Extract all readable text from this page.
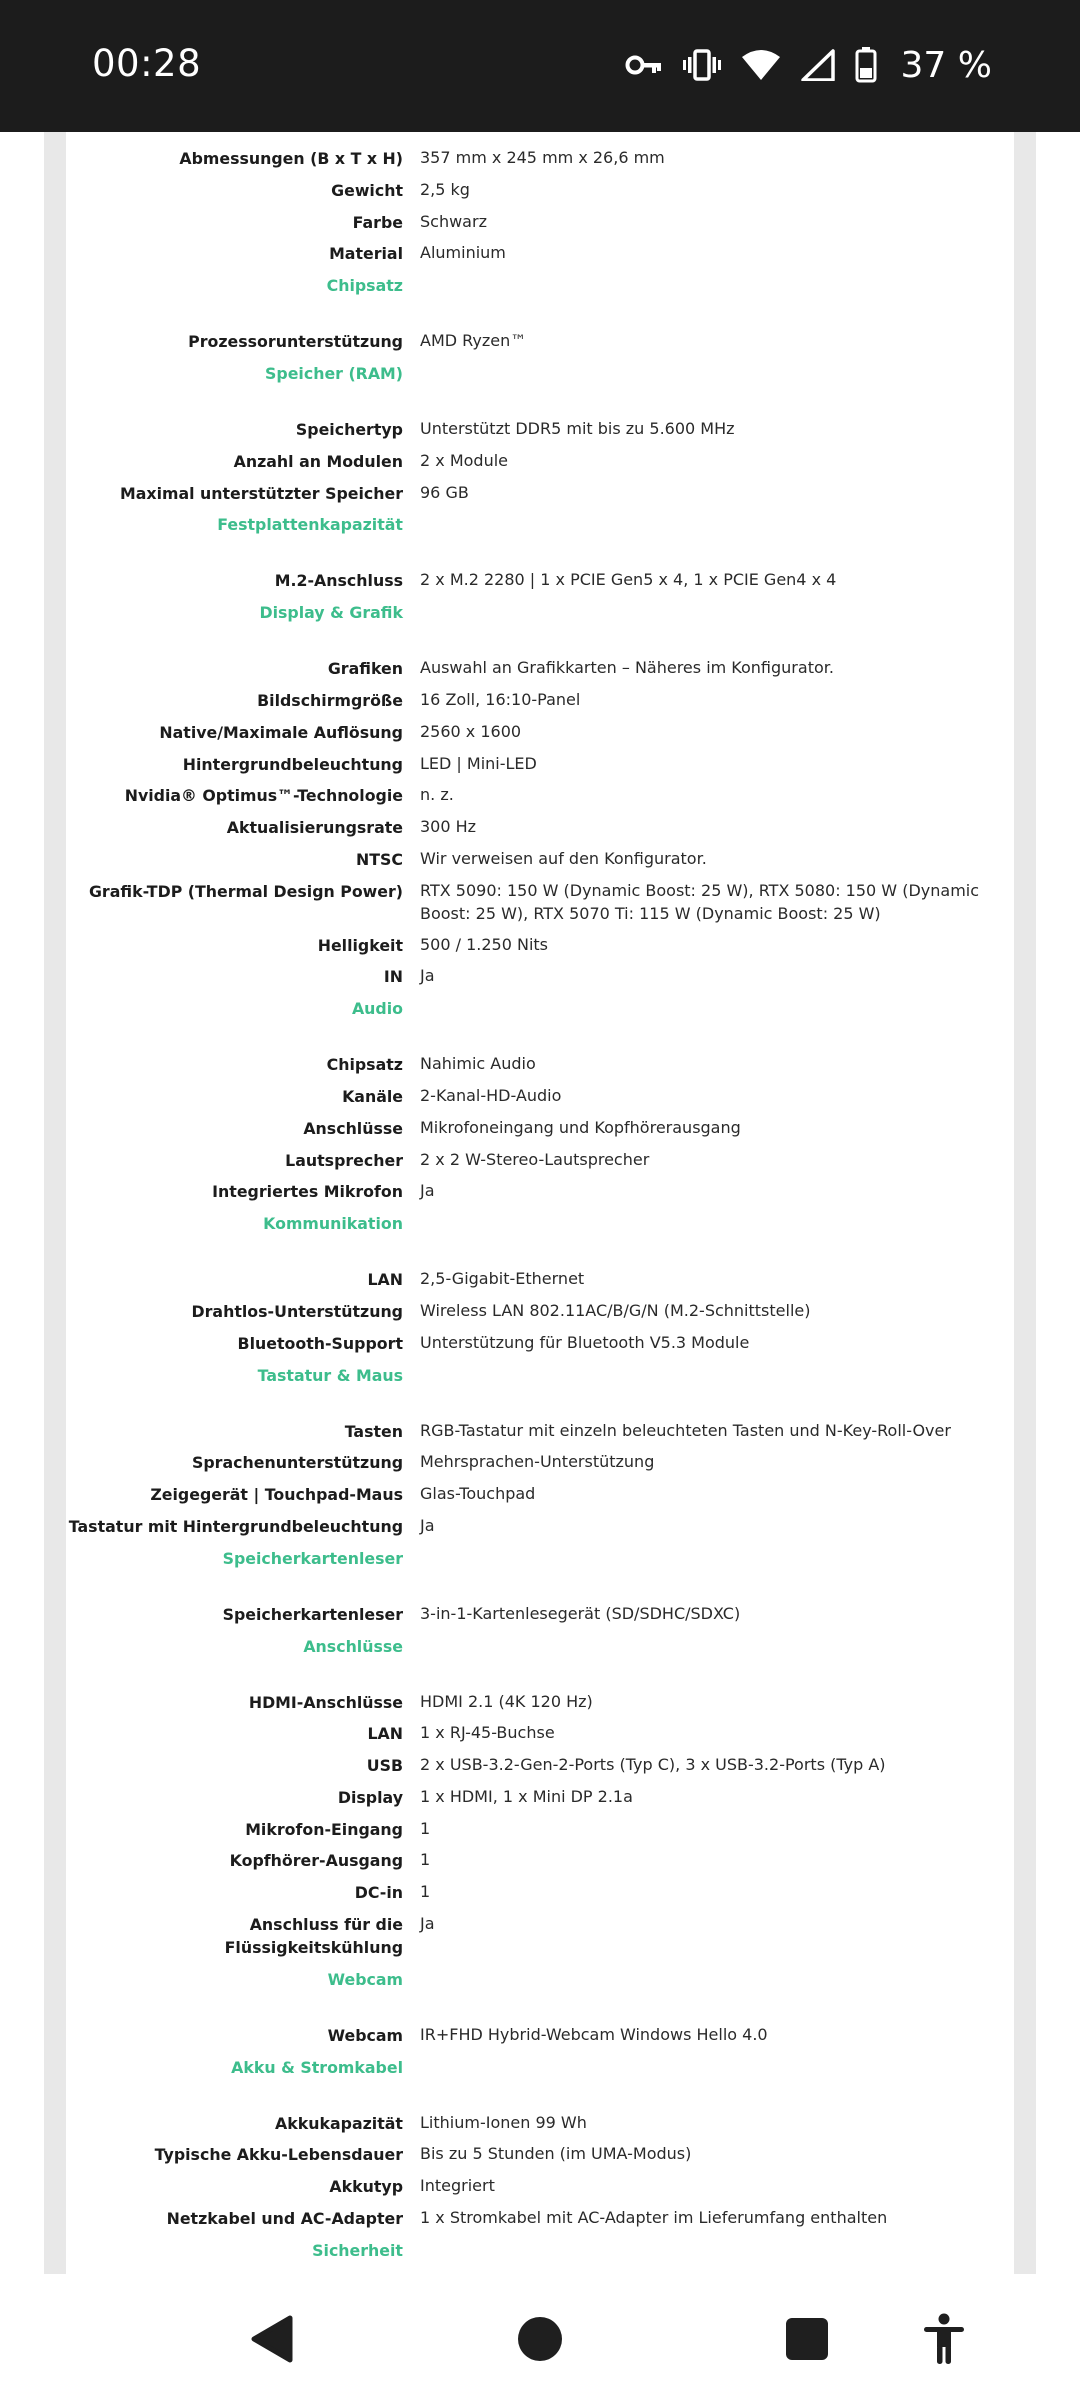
00:28	37 %
Abmessungen (B x T x H) 357 mm x 245 mm x 26,6 mm
Gewicht 2,5 kg
Farbe Schwarz
Material Aluminium
Chipsatz
Prozessorunterstützung AMD Ryzen™
Speicher (RAM)
Speichertyp Unterstützt DDR5 mit bis zu 5.600 MHz
Anzahl an Modulen 2 x Module
Maximal unterstützter Speicher 96 GB
Festplattenkapazität
M.2-Anschluss 2 x M.2 2280 | 1 x PCIE Gen5 x 4, 1 x PCIE Gen4 x 4
Display & Grafik
Grafiken Auswahl an Grafikkarten – Näheres im Konfigurator.
Bildschirmgröße 16 Zoll, 16:10-Panel
Native/Maximale Auflösung 2560 x 1600
Hintergrundbeleuchtung LED | Mini-LED
Nvidia® Optimus™-Technologie n. z.
Aktualisierungsrate 300 Hz
NTSC Wir verweisen auf den Konfigurator.
Grafik-TDP (Thermal Design Power) RTX 5090: 150 W (Dynamic Boost: 25 W), RTX 5080: 150 W (Dynamic Boost: 25 W), RTX 5070 Ti: 115 W (Dynamic Boost: 25 W)
Helligkeit 500 / 1.250 Nits
IN Ja
Audio
Chipsatz Nahimic Audio
Kanäle 2-Kanal-HD-Audio
Anschlüsse Mikrofoneingang und Kopfhörerausgang
Lautsprecher 2 x 2 W-Stereo-Lautsprecher
Integriertes Mikrofon Ja
Kommunikation
LAN 2,5-Gigabit-Ethernet
Drahtlos-Unterstützung Wireless LAN 802.11AC/B/G/N (M.2-Schnittstelle)
Bluetooth-Support Unterstützung für Bluetooth V5.3 Module
Tastatur & Maus
Tasten RGB-Tastatur mit einzeln beleuchteten Tasten und N-Key-Roll-Over
Sprachenunterstützung Mehrsprachen-Unterstützung
Zeigegerät | Touchpad-Maus Glas-Touchpad
Tastatur mit Hintergrundbeleuchtung Ja
Speicherkartenleser
Speicherkartenleser 3-in-1-Kartenlesegerät (SD/SDHC/SDXC)
Anschlüsse
HDMI-Anschlüsse HDMI 2.1 (4K 120 Hz)
LAN 1 x RJ-45-Buchse
USB 2 x USB-3.2-Gen-2-Ports (Typ C), 3 x USB-3.2-Ports (Typ A)
Display 1 x HDMI, 1 x Mini DP 2.1a
Mikrofon-Eingang 1
Kopfhörer-Ausgang 1
DC-in 1
Anschluss für die Flüssigkeitskühlung
Ja
Webcam
Webcam IR+FHD Hybrid-Webcam Windows Hello 4.0
Akku & Stromkabel
Akkukapazität Lithium-Ionen 99 Wh
Typische Akku-Lebensdauer Bis zu 5 Stunden (im UMA-Modus)
Akkutyp Integriert
Netzkabel und AC-Adapter 1 x Stromkabel mit AC-Adapter im Lieferumfang enthalten
Sicherheit
